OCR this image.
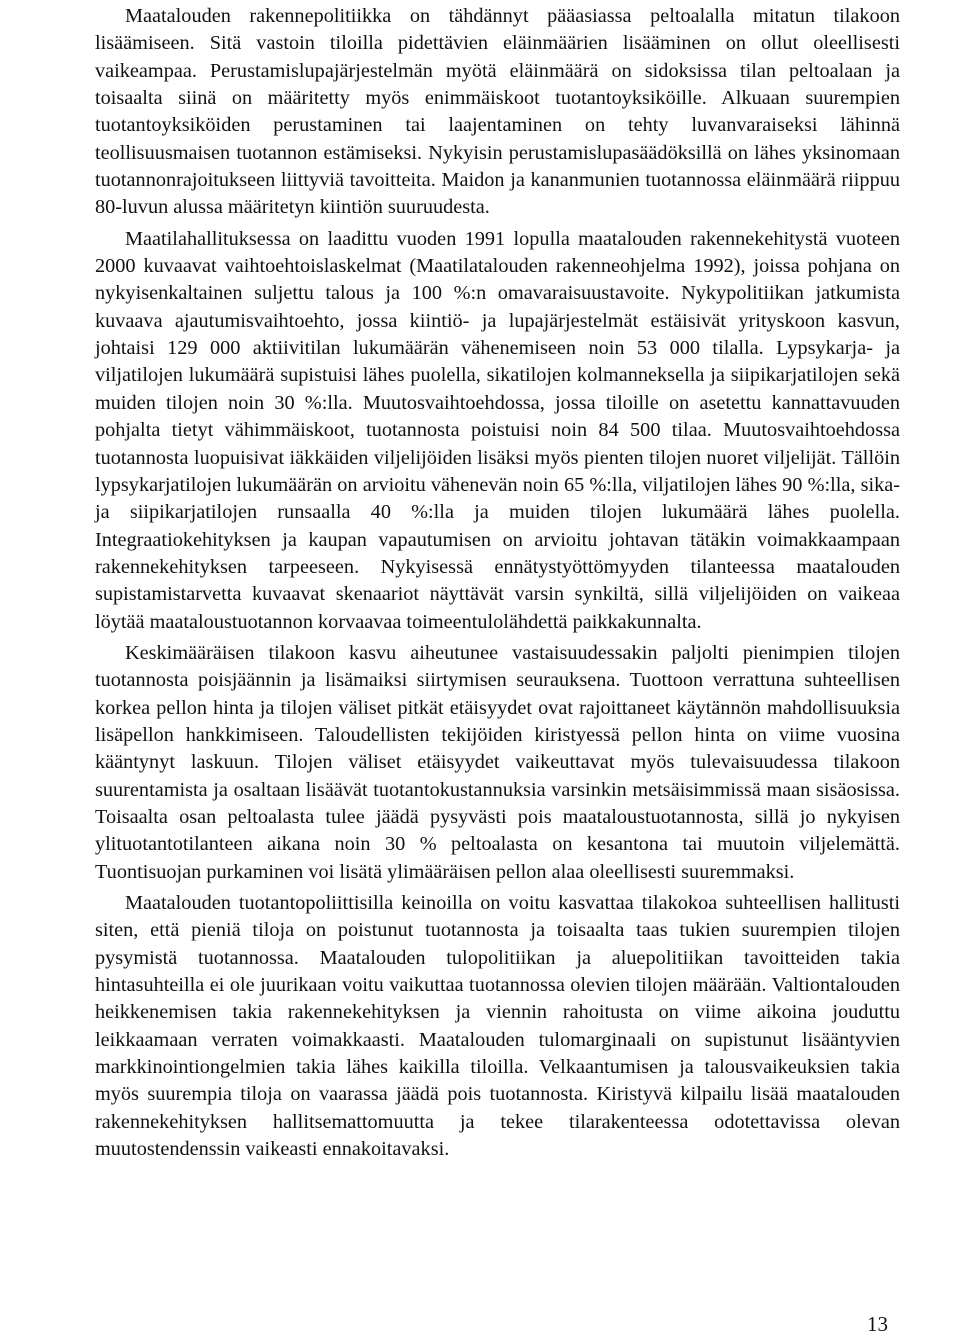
Maatalouden rakennepolitiikka on tähdännyt pääasiassa peltoalalla mitatun tilakoon lisäämiseen. Sitä vastoin tiloilla pidettävien eläinmäärien lisääminen on ollut oleellisesti vaikeampaa. Perustamislupajärjestelmän myötä eläinmäärä on sidoksissa tilan peltoalaan ja toisaalta siinä on määritetty myös enimmäiskoot tuotantoyksiköille. Alkuaan suurempien tuotantoyksiköiden perustaminen tai laajentaminen on tehty luvanvaraiseksi lähinnä teollisuusmaisen tuotannon estämiseksi. Nykyisin perustamislupasäädöksillä on lähes yksinomaan tuotannonrajoitukseen liittyviä tavoitteita. Maidon ja kananmunien tuotannossa eläinmäärä riippuu 80-luvun alussa määritetyn kiintiön suuruudesta.

Maatilahallituksessa on laadittu vuoden 1991 lopulla maatalouden rakennekehitystä vuoteen 2000 kuvaavat vaihtoehtoislaskelmat (Maatilatalouden rakenneohjelma 1992), joissa pohjana on nykyisenkaltainen suljettu talous ja 100 %:n omavaraisuustavoite. Nykypolitiikan jatkumista kuvaava ajautumisvaihtoehto, jossa kiintiö- ja lupajärjestelmät estäisivät yrityskoon kasvun, johtaisi 129 000 aktiivitilan lukumäärän vähenemiseen noin 53 000 tilalla. Lypsykarja- ja viljatilojen lukumäärä supistuisi lähes puolella, sikatilojen kolmanneksella ja siipikarjatilojen sekä muiden tilojen noin 30 %:lla. Muutosvaihtoehdossa, jossa tiloille on asetettu kannattavuuden pohjalta tietyt vähimmäiskoot, tuotannosta poistuisi noin 84 500 tilaa. Muutosvaihtoehdossa tuotannosta luopuisivat iäkkäiden viljelijöiden lisäksi myös pienten tilojen nuoret viljelijät. Tällöin lypsykarjatilojen lukumäärän on arvioitu vähenevän noin 65 %:lla, viljatilojen lähes 90 %:lla, sika- ja siipikarjatilojen runsaalla 40 %:lla ja muiden tilojen lukumäärä lähes puolella. Integraatiokehityksen ja kaupan vapautumisen on arvioitu johtavan tätäkin voimakkaampaan rakennekehityksen tarpeeseen. Nykyisessä ennätystyöttömyyden tilanteessa maatalouden supistamistarvetta kuvaavat skenaariot näyttävät varsin synkiltä, sillä viljelijöiden on vaikeaa löytää maataloustuotannon korvaavaa toimeentulolähdettä paikkakunnalta.

Keskimääräisen tilakoon kasvu aiheutunee vastaisuudessakin paljolti pienimpien tilojen tuotannosta poisjäännin ja lisämaiksi siirtymisen seurauksena. Tuottoon verrattuna suhteellisen korkea pellon hinta ja tilojen väliset pitkät etäisyydet ovat rajoittaneet käytännön mahdollisuuksia lisäpellon hankkimiseen. Taloudellisten tekijöiden kiristyessä pellon hinta on viime vuosina kääntynyt laskuun. Tilojen väliset etäisyydet vaikeuttavat myös tulevaisuudessa tilakoon suurentamista ja osaltaan lisäävät tuotantokustannuksia varsinkin metsäisimmissä maan sisäosissa. Toisaalta osan peltoalasta tulee jäädä pysyvästi pois maataloustuotannosta, sillä jo nykyisen ylituotantotilanteen aikana noin 30 % peltoalasta on kesantona tai muutoin viljelemättä. Tuontisuojan purkaminen voi lisätä ylimääräisen pellon alaa oleellisesti suuremmaksi.

Maatalouden tuotantopoliittisilla keinoilla on voitu kasvattaa tilakokoa suhteellisen hallitusti siten, että pieniä tiloja on poistunut tuotannosta ja toisaalta taas tukien suurempien tilojen pysymistä tuotannossa. Maatalouden tulopolitiikan ja aluepolitiikan tavoitteiden takia hintasuhteilla ei ole juurikaan voitu vaikuttaa tuotannossa olevien tilojen määrään. Valtiontalouden heikkenemisen takia rakennekehityksen ja viennin rahoitusta on viime aikoina jouduttu leikkaamaan verraten voimakkaasti. Maatalouden tulomarginaali on supistunut lisääntyvien markkinointiongelmien takia lähes kaikilla tiloilla. Velkaantumisen ja talousvaikeuksien takia myös suurempia tiloja on vaarassa jäädä pois tuotannosta. Kiristyvä kilpailu lisää maatalouden rakennekehityksen hallitsemattomuutta ja tekee tilarakenteessa odotettavissa olevan muutostendenssin vaikeasti ennakoitavaksi.

13
